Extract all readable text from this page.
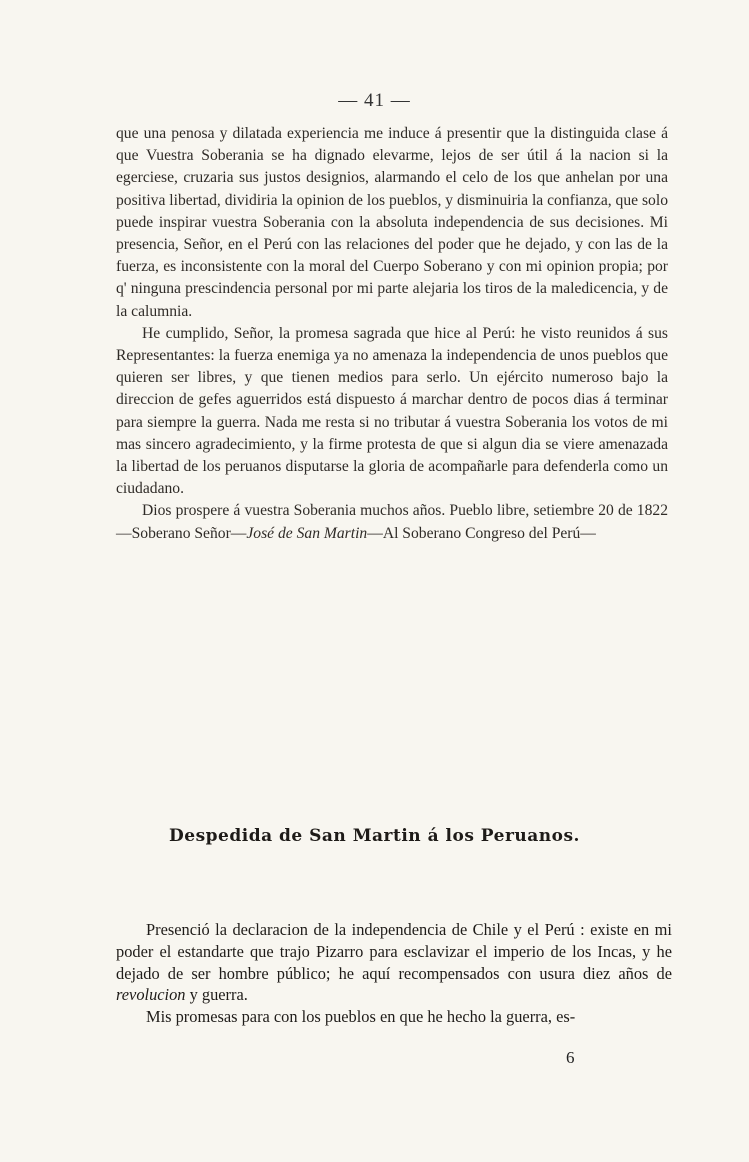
— 41 —

que una penosa y dilatada experiencia me induce á presentir que la distinguida clase á que Vuestra Soberania se ha dignado elevarme, lejos de ser útil á la nacion si la egerciese, cruzaria sus justos designios, alarmando el celo de los que anhelan por una positiva libertad, dividiria la opinion de los pueblos, y disminuiria la confianza, que solo puede inspirar vuestra Soberania con la absoluta independencia de sus decisiones. Mi presencia, Señor, en el Perú con las relaciones del poder que he dejado, y con las de la fuerza, es inconsistente con la moral del Cuerpo Soberano y con mi opinion propia; por q' ninguna prescindencia personal por mi parte alejaria los tiros de la maledicencia, y de la calumnia.

He cumplido, Señor, la promesa sagrada que hice al Perú: he visto reunidos á sus Representantes: la fuerza enemiga ya no amenaza la independencia de unos pueblos que quieren ser libres, y que tienen medios para serlo. Un ejército numeroso bajo la direccion de gefes aguerridos está dispuesto á marchar dentro de pocos dias á terminar para siempre la guerra. Nada me resta si no tributar á vuestra Soberania los votos de mi mas sincero agradecimiento, y la firme protesta de que si algun dia se viere amenazada la libertad de los peruanos disputarse la gloria de acompañarle para defenderla como un ciudadano.

Dios prospere á vuestra Soberania muchos años. Pueblo libre, setiembre 20 de 1822—Soberano Señor—José de San Martin—Al Soberano Congreso del Perú—

Despedida de San Martin á los Peruanos.

Presenció la declaracion de la independencia de Chile y el Perú : existe en mi poder el estandarte que trajo Pizarro para esclavizar el imperio de los Incas, y he dejado de ser hombre público; he aquí recompensados con usura diez años de revolucion y guerra.

Mis promesas para con los pueblos en que he hecho la guerra, es-

6
